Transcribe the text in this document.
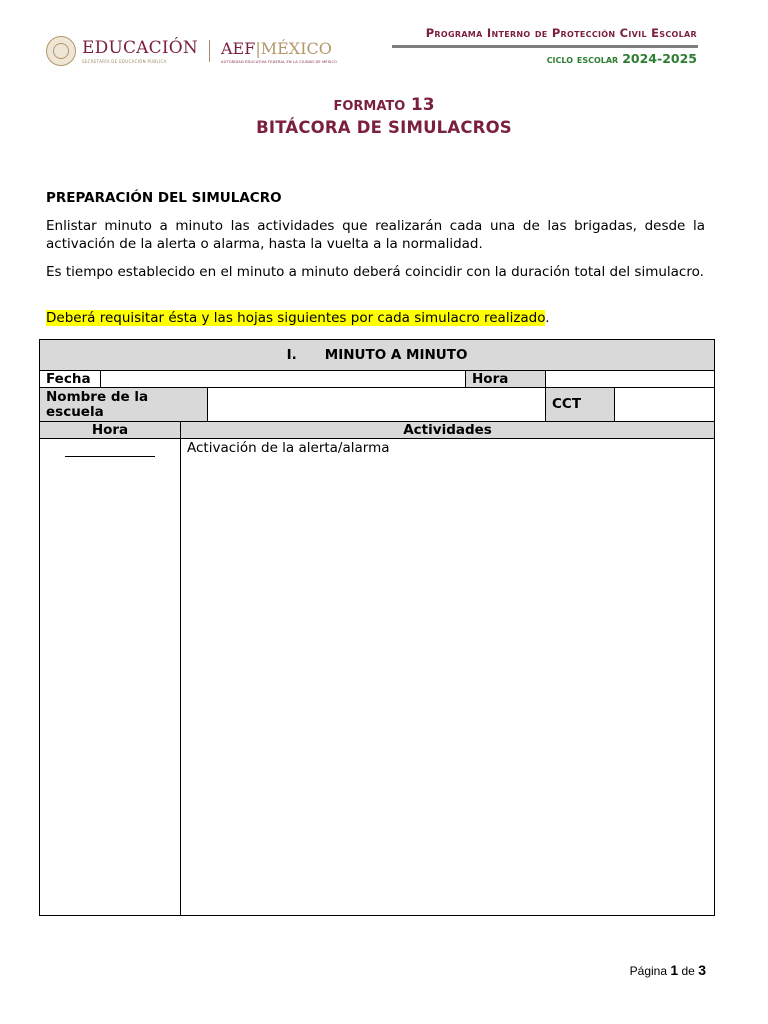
EDUCACIÓN
SECRETARÍA DE EDUCACIÓN PÚBLICA
AEF|MÉXICO
AUTORIDAD EDUCATIVA FEDERAL EN LA CIUDAD DE MÉXICO
Programa Interno de Protección Civil Escolar
ciclo escolar 2024-2025
FORMATO 13
BITÁCORA DE SIMULACROS
PREPARACIÓN DEL SIMULACRO
Enlistar minuto a minuto las actividades que realizarán cada una de las brigadas, desde la activación de la alerta o alarma, hasta la vuelta a la normalidad.
Es tiempo establecido en el minuto a minuto deberá coincidir con la duración total del simulacro.
Deberá requisitar ésta y las hojas siguientes por cada simulacro realizado.
I. MINUTO A MINUTO						
Fecha				Hora		
Nombre de la escuela					CCT	
Hora		Actividades				

		Activación de la alerta/alarma				
Página 1 de 3
